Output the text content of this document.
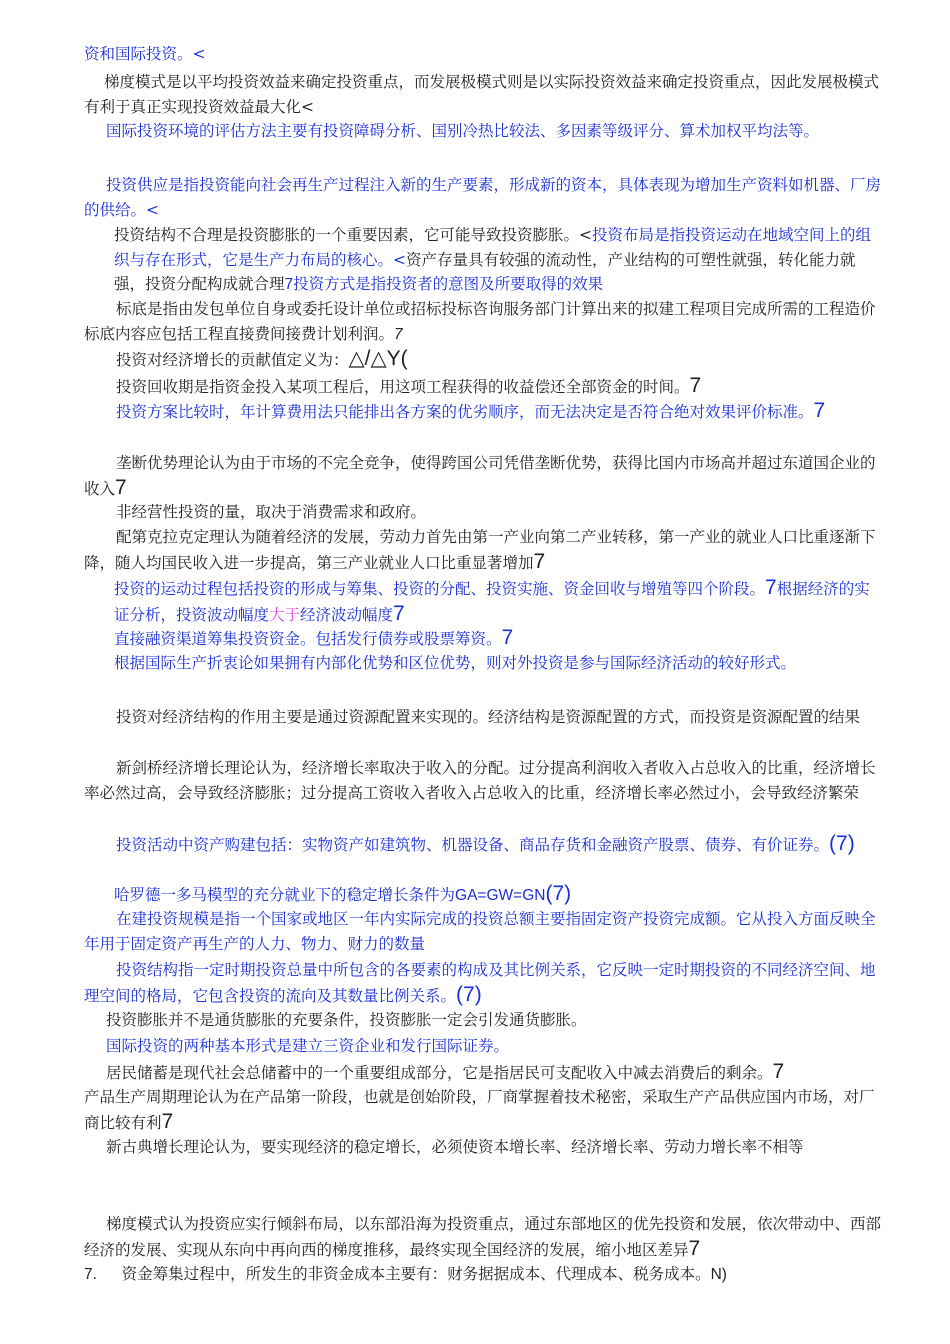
资和国际投资。<

梯度模式是以平均投资效益来确定投资重点，而发展极模式则是以实际投资效益来确定投资重点，因此发展极模式有利于真正实现投资效益最大化<

国际投资环境的评估方法主要有投资障碍分析、国别冷热比较法、多因素等级评分、算术加权平均法等。

投资供应是指投资能向社会再生产过程注入新的生产要素，形成新的资本，具体表现为增加生产资料如机器、厂房的供给。<

投资结构不合理是投资膨胀的一个重要因素，它可能导致投资膨胀。<投资布局是指投资运动在地域空间上的组织与存在形式，它是生产力布局的核心。<资产存量具有较强的流动性，产业结构的可塑性就强，转化能力就强，投资分配构成就合理7投资方式是指投资者的意图及所要取得的效果

标底是指由发包单位自身或委托设计单位或招标投标咨询服务部门计算出来的拟建工程项目完成所需的工程造价标底内容应包括工程直接费间接费计划利润。7

投资对经济增长的贡献值定义为：△/△Y(

投资回收期是指资金投入某项工程后，用这项工程获得的收益偿还全部资金的时间。7

投资方案比较时，年计算费用法只能排出各方案的优劣顺序，而无法决定是否符合绝对效果评价标准。7

垄断优势理论认为由于市场的不完全竞争，使得跨国公司凭借垄断优势，获得比国内市场高并超过东道国企业的收入7

非经营性投资的量，取决于消费需求和政府。

配第克拉克定理认为随着经济的发展，劳动力首先由第一产业向第二产业转移，第一产业的就业人口比重逐渐下降，随人均国民收入进一步提高，第三产业就业人口比重显著增加7

投资的运动过程包括投资的形成与筹集、投资的分配、投资实施、资金回收与增殖等四个阶段。7根据经济的实证分析，投资波动幅度大于经济波动幅度7

直接融资渠道筹集投资资金。包括发行债券或股票筹资。7

根据国际生产折衷论如果拥有内部化优势和区位优势，则对外投资是参与国际经济活动的较好形式。

投资对经济结构的作用主要是通过资源配置来实现的。经济结构是资源配置的方式，而投资是资源配置的结果

新剑桥经济增长理论认为，经济增长率取决于收入的分配。过分提高利润收入者收入占总收入的比重，经济增长率必然过高，会导致经济膨胀；过分提高工资收入者收入占总收入的比重，经济增长率必然过小，会导致经济繁荣

投资活动中资产购建包括：实物资产如建筑物、机器设备、商品存货和金融资产股票、债券、有价证券。(7)

哈罗德一多马模型的充分就业下的稳定增长条件为GA=GW=GN(7)

在建投资规模是指一个国家或地区一年内实际完成的投资总额主要指固定资产投资完成额。它从投入方面反映全年用于固定资产再生产的人力、物力、财力的数量

投资结构指一定时期投资总量中所包含的各要素的构成及其比例关系，它反映一定时期投资的不同经济空间、地理空间的格局，它包含投资的流向及其数量比例关系。(7)

投资膨胀并不是通货膨胀的充要条件，投资膨胀一定会引发通货膨胀。

国际投资的两种基本形式是建立三资企业和发行国际证券。

居民储蓄是现代社会总储蓄中的一个重要组成部分，它是指居民可支配收入中减去消费后的剩余。7

产品生产周期理论认为在产品第一阶段，也就是创始阶段，厂商掌握着技术秘密，采取生产产品供应国内市场，对厂商比较有利7

新古典增长理论认为，要实现经济的稳定增长，必须使资本增长率、经济增长率、劳动力增长率不相等

梯度模式认为投资应实行倾斜布局，以东部沿海为投资重点，通过东部地区的优先投资和发展，依次带动中、西部经济的发展、实现从东向中再向西的梯度推移，最终实现全国经济的发展，缩小地区差异7

7. 资金筹集过程中，所发生的非资金成本主要有：财务据据成本、代理成本、税务成本。N)
